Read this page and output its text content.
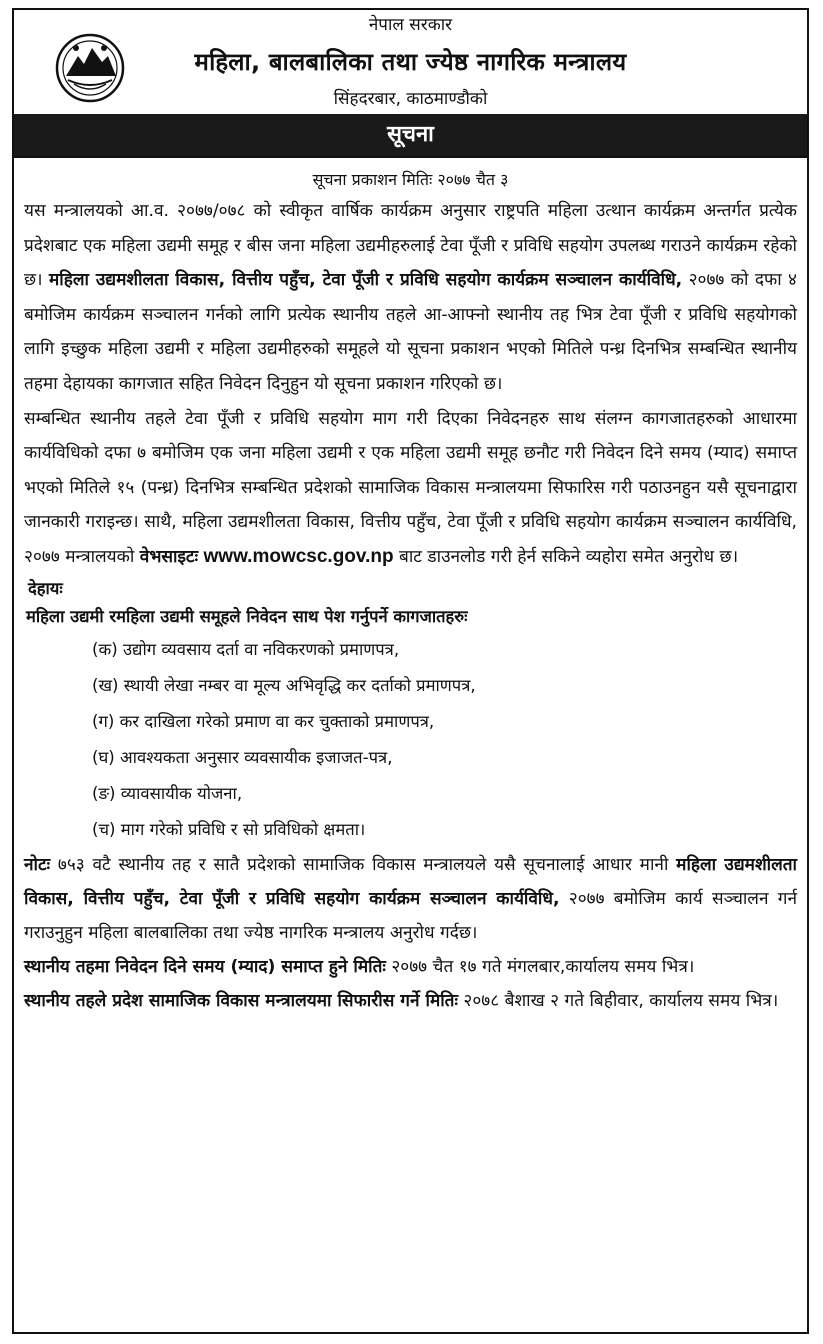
नेपाल सरकार
महिला, बालबालिका तथा ज्येष्ठ नागरिक मन्त्रालय
सिंहदरबार, काठमाण्डौको
सूचना
सूचना प्रकाशन मितिः २०७७ चैत ३

यस मन्त्रालयको आ.व. २०७७/०७८ को स्वीकृत वार्षिक कार्यक्रम अनुसार राष्ट्रपति महिला उत्थान कार्यक्रम अन्तर्गत प्रत्येक प्रदेशबाट एक महिला उद्यमी समूह र बीस जना महिला उद्यमीहरुलाई टेवा पूँजी र प्रविधि सहयोग उपलब्ध गराउने कार्यक्रम रहेको छ। महिला उद्यमशीलता विकास, वित्तीय पहुँच, टेवा पूँजी र प्रविधि सहयोग कार्यक्रम सञ्चालन कार्यविधि, २०७७ को दफा ४ बमोजिम कार्यक्रम सञ्चालन गर्नको लागि प्रत्येक स्थानीय तहले आ-आफ्नो स्थानीय तह भित्र टेवा पूँजी र प्रविधि सहयोगको लागि इच्छुक महिला उद्यमी र महिला उद्यमीहरुको समूहले यो सूचना प्रकाशन भएको मितिले पन्ध्र दिनभित्र सम्बन्धित स्थानीय तहमा देहायका कागजात सहित निवेदन दिनुहुन यो सूचना प्रकाशन गरिएको छ।

सम्बन्धित स्थानीय तहले टेवा पूँजी र प्रविधि सहयोग माग गरी दिएका निवेदनहरु साथ संलग्न कागजातहरुको आधारमा कार्यविधिको दफा ७ बमोजिम एक जना महिला उद्यमी र एक महिला उद्यमी समूह छनौट गरी निवेदन दिने समय (म्याद) समाप्त भएको मितिले १५ (पन्ध्र) दिनभित्र सम्बन्धित प्रदेशको सामाजिक विकास मन्त्रालयमा सिफारिस गरी पठाउनहुन यसै सूचनाद्वारा जानकारी गराइन्छ। साथै, महिला उद्यमशीलता विकास, वित्तीय पहुँच, टेवा पूँजी र प्रविधि सहयोग कार्यक्रम सञ्चालन कार्यविधि, २०७७ मन्त्रालयको वेभसाइटः www.mowcsc.gov.np बाट डाउनलोड गरी हेर्न सकिने व्यहोरा समेत अनुरोध छ।

देहायः
महिला उद्यमी रमहिला उद्यमी समूहले निवेदन साथ पेश गर्नुपर्ने कागजातहरुः
(क) उद्योग व्यवसाय दर्ता वा नविकरणको प्रमाणपत्र,
(ख) स्थायी लेखा नम्बर वा मूल्य अभिवृद्धि कर दर्ताको प्रमाणपत्र,
(ग) कर दाखिला गरेको प्रमाण वा कर चुक्ताको प्रमाणपत्र,
(घ) आवश्यकता अनुसार व्यवसायीक इजाजत-पत्र,
(ङ) व्यावसायीक योजना,
(च) माग गरेको प्रविधि र सो प्रविधिको क्षमता।

नोटः ७५३ वटै स्थानीय तह र सातै प्रदेशको सामाजिक विकास मन्त्रालयले यसै सूचनालाई आधार मानी महिला उद्यमशीलता विकास, वित्तीय पहुँच, टेवा पूँजी र प्रविधि सहयोग कार्यक्रम सञ्चालन कार्यविधि, २०७७ बमोजिम कार्य सञ्चालन गर्न गराउनुहुन महिला बालबालिका तथा ज्येष्ठ नागरिक मन्त्रालय अनुरोध गर्दछ।

स्थानीय तहमा निवेदन दिने समय (म्याद) समाप्त हुने मितिः २०७७ चैत १७ गते मंगलबार,कार्यालय समय भित्र।

स्थानीय तहले प्रदेश सामाजिक विकास मन्त्रालयमा सिफारीस गर्ने मितिः २०७८ बैशाख २ गते बिहीवार, कार्यालय समय भित्र।
